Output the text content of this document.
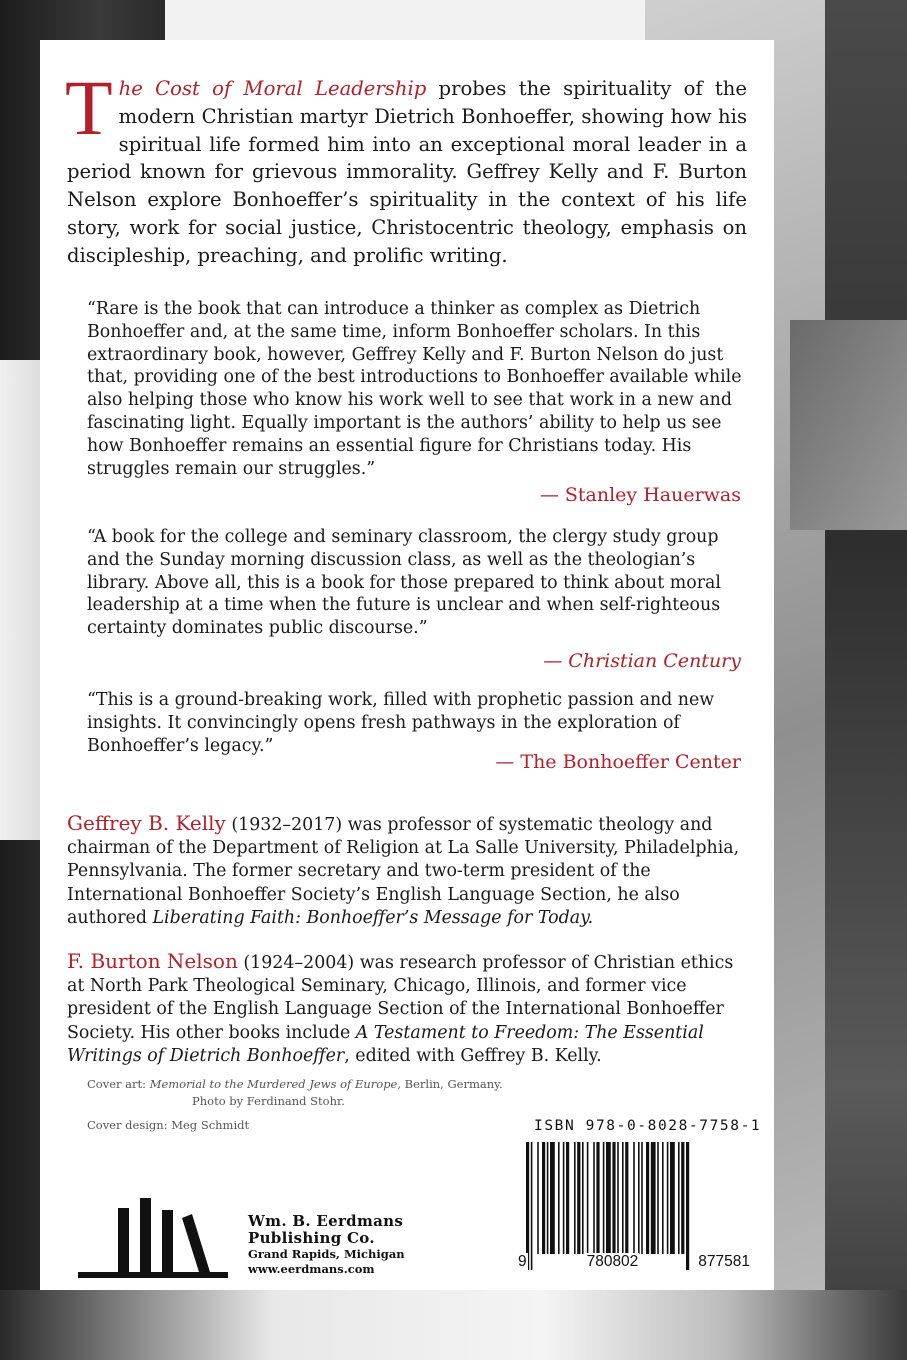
The Cost of Moral Leadership probes the spirituality of the modern Christian martyr Dietrich Bonhoeffer, showing how his spiritual life formed him into an exceptional moral leader in a period known for grievous immorality. Geffrey Kelly and F. Burton Nelson explore Bonhoeffer’s spirituality in the context of his life story, work for social justice, Christocentric theology, emphasis on discipleship, preaching, and prolific writing.
“Rare is the book that can introduce a thinker as complex as Dietrich Bonhoeffer and, at the same time, inform Bonhoeffer scholars. In this extraordinary book, however, Geffrey Kelly and F. Burton Nelson do just that, providing one of the best introductions to Bonhoeffer available while also helping those who know his work well to see that work in a new and fascinating light. Equally important is the authors’ ability to help us see how Bonhoeffer remains an essential figure for Christians today. His struggles remain our struggles.”
— Stanley Hauerwas
“A book for the college and seminary classroom, the clergy study group and the Sunday morning discussion class, as well as the theologian’s library. Above all, this is a book for those prepared to think about moral leadership at a time when the future is unclear and when self-righteous certainty dominates public discourse.”
— Christian Century
“This is a ground-breaking work, filled with prophetic passion and new insights. It convincingly opens fresh pathways in the exploration of Bonhoeffer’s legacy.”
— The Bonhoeffer Center
Geffrey B. Kelly (1932–2017) was professor of systematic theology and chairman of the Department of Religion at La Salle University, Philadelphia, Pennsylvania. The former secretary and two-term president of the International Bonhoeffer Society’s English Language Section, he also authored Liberating Faith: Bonhoeffer’s Message for Today.
F. Burton Nelson (1924–2004) was research professor of Christian ethics at North Park Theological Seminary, Chicago, Illinois, and former vice president of the English Language Section of the International Bonhoeffer Society. His other books include A Testament to Freedom: The Essential Writings of Dietrich Bonhoeffer, edited with Geffrey B. Kelly.
Cover art: Memorial to the Murdered Jews of Europe, Berlin, Germany.
Photo by Ferdinand Stohr.
Cover design: Meg Schmidt	ISBN 978-0-8028-7758-1
9	780802	877581
Wm. B. Eerdmans
Publishing Co.
Grand Rapids, Michigan
www.eerdmans.com
